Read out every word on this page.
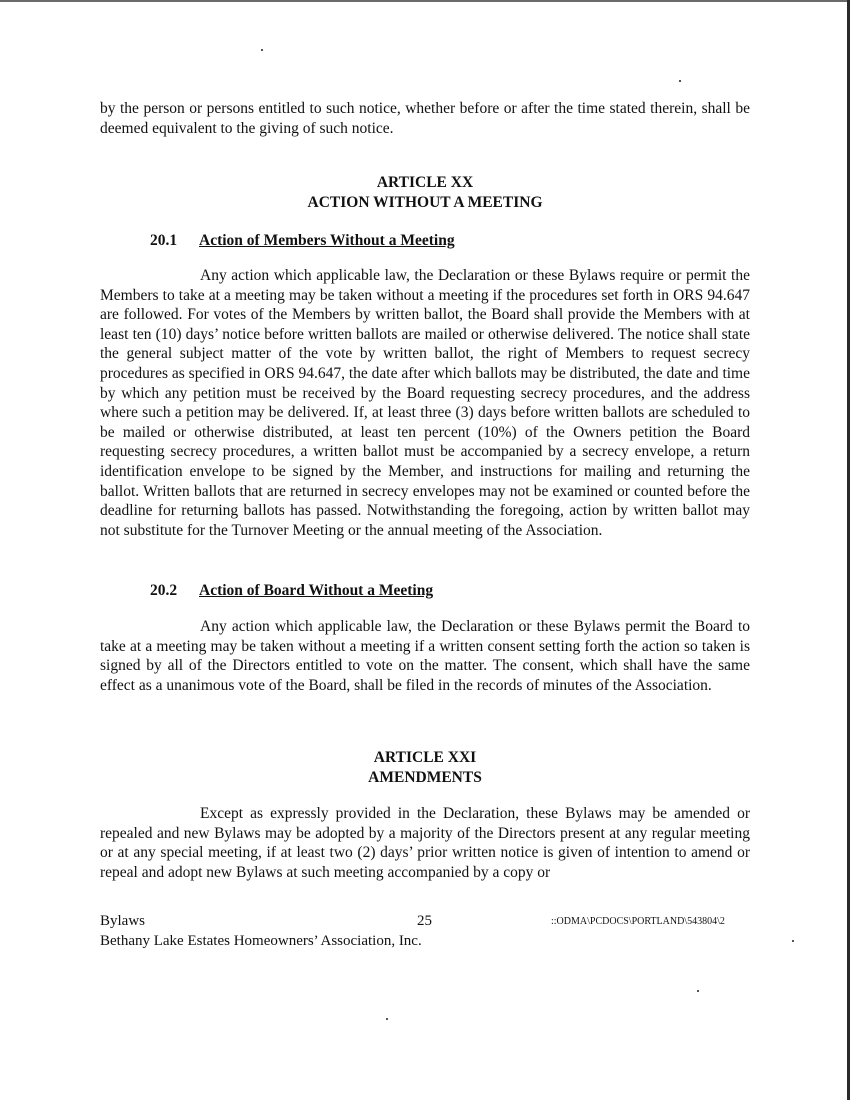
by the person or persons entitled to such notice, whether before or after the time stated therein, shall be deemed equivalent to the giving of such notice.

ARTICLE XX

ACTION WITHOUT A MEETING

20.1 Action of Members Without a Meeting

Any action which applicable law, the Declaration or these Bylaws require or permit the Members to take at a meeting may be taken without a meeting if the procedures set forth in ORS 94.647 are followed. For votes of the Members by written ballot, the Board shall provide the Members with at least ten (10) days’ notice before written ballots are mailed or otherwise delivered. The notice shall state the general subject matter of the vote by written ballot, the right of Members to request secrecy procedures as specified in ORS 94.647, the date after which ballots may be distributed, the date and time by which any petition must be received by the Board requesting secrecy procedures, and the address where such a petition may be delivered. If, at least three (3) days before written ballots are scheduled to be mailed or otherwise distributed, at least ten percent (10%) of the Owners petition the Board requesting secrecy procedures, a written ballot must be accompanied by a secrecy envelope, a return identification envelope to be signed by the Member, and instructions for mailing and returning the ballot. Written ballots that are returned in secrecy envelopes may not be examined or counted before the deadline for returning ballots has passed. Notwithstanding the foregoing, action by written ballot may not substitute for the Turnover Meeting or the annual meeting of the Association.

20.2 Action of Board Without a Meeting

Any action which applicable law, the Declaration or these Bylaws permit the Board to take at a meeting may be taken without a meeting if a written consent setting forth the action so taken is signed by all of the Directors entitled to vote on the matter. The consent, which shall have the same effect as a unanimous vote of the Board, shall be filed in the records of minutes of the Association.

ARTICLE XXI

AMENDMENTS

Except as expressly provided in the Declaration, these Bylaws may be amended or repealed and new Bylaws may be adopted by a majority of the Directors present at any regular meeting or at any special meeting, if at least two (2) days’ prior written notice is given of intention to amend or repeal and adopt new Bylaws at such meeting accompanied by a copy or

Bylaws	25	::ODMA\PCDOCS\PORTLAND\543804\2
Bethany Lake Estates Homeowners’ Association, Inc.
